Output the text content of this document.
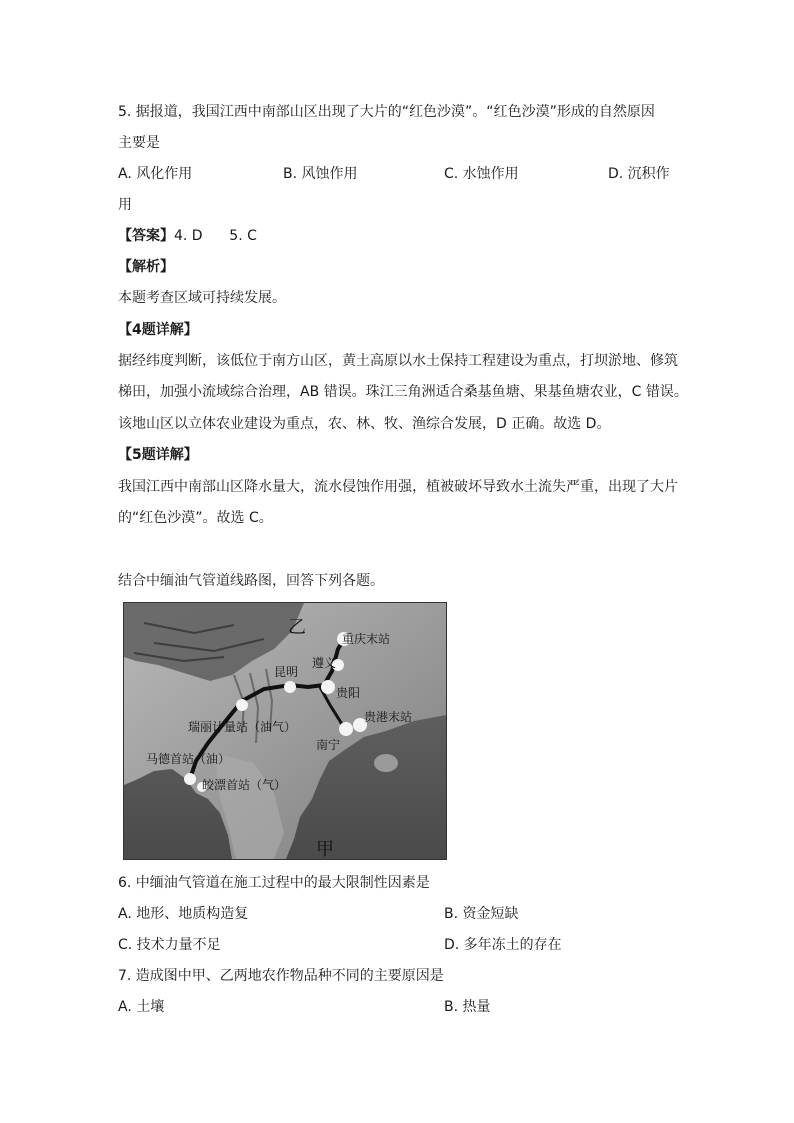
5. 据报道，我国江西中南部山区出现了大片的“红色沙漠”。“红色沙漠”形成的自然原因
主要是
A. 风化作用	B. 风蚀作用	C. 水蚀作用	D. 沉积作
用
【答案】4. D      5. C
【解析】
本题考查区域可持续发展。
【4题详解】
据经纬度判断，该低位于南方山区，黄土高原以水土保持工程建设为重点，打坝淤地、修筑
梯田，加强小流域综合治理，AB 错误。珠江三角洲适合桑基鱼塘、果基鱼塘农业，C 错误。
该地山区以立体农业建设为重点，农、林、牧、渔综合发展，D 正确。故选 D。
【5题详解】
我国江西中南部山区降水量大，流水侵蚀作用强，植被破坏导致水土流失严重，出现了大片
的“红色沙漠”。故选 C。
结合中缅油气管道线路图，回答下列各题。
乙
重庆末站
遵义
昆明
贵阳
瑞丽计量站（油气）
贵港末站
南宁
马德首站（油）
皎漂首站（气）
甲
6. 中缅油气管道在施工过程中的最大限制性因素是
A. 地形、地质构造复	B. 资金短缺
C. 技术力量不足	D. 多年冻土的存在
7. 造成图中甲、乙两地农作物品种不同的主要原因是
A. 土壤	B. 热量
